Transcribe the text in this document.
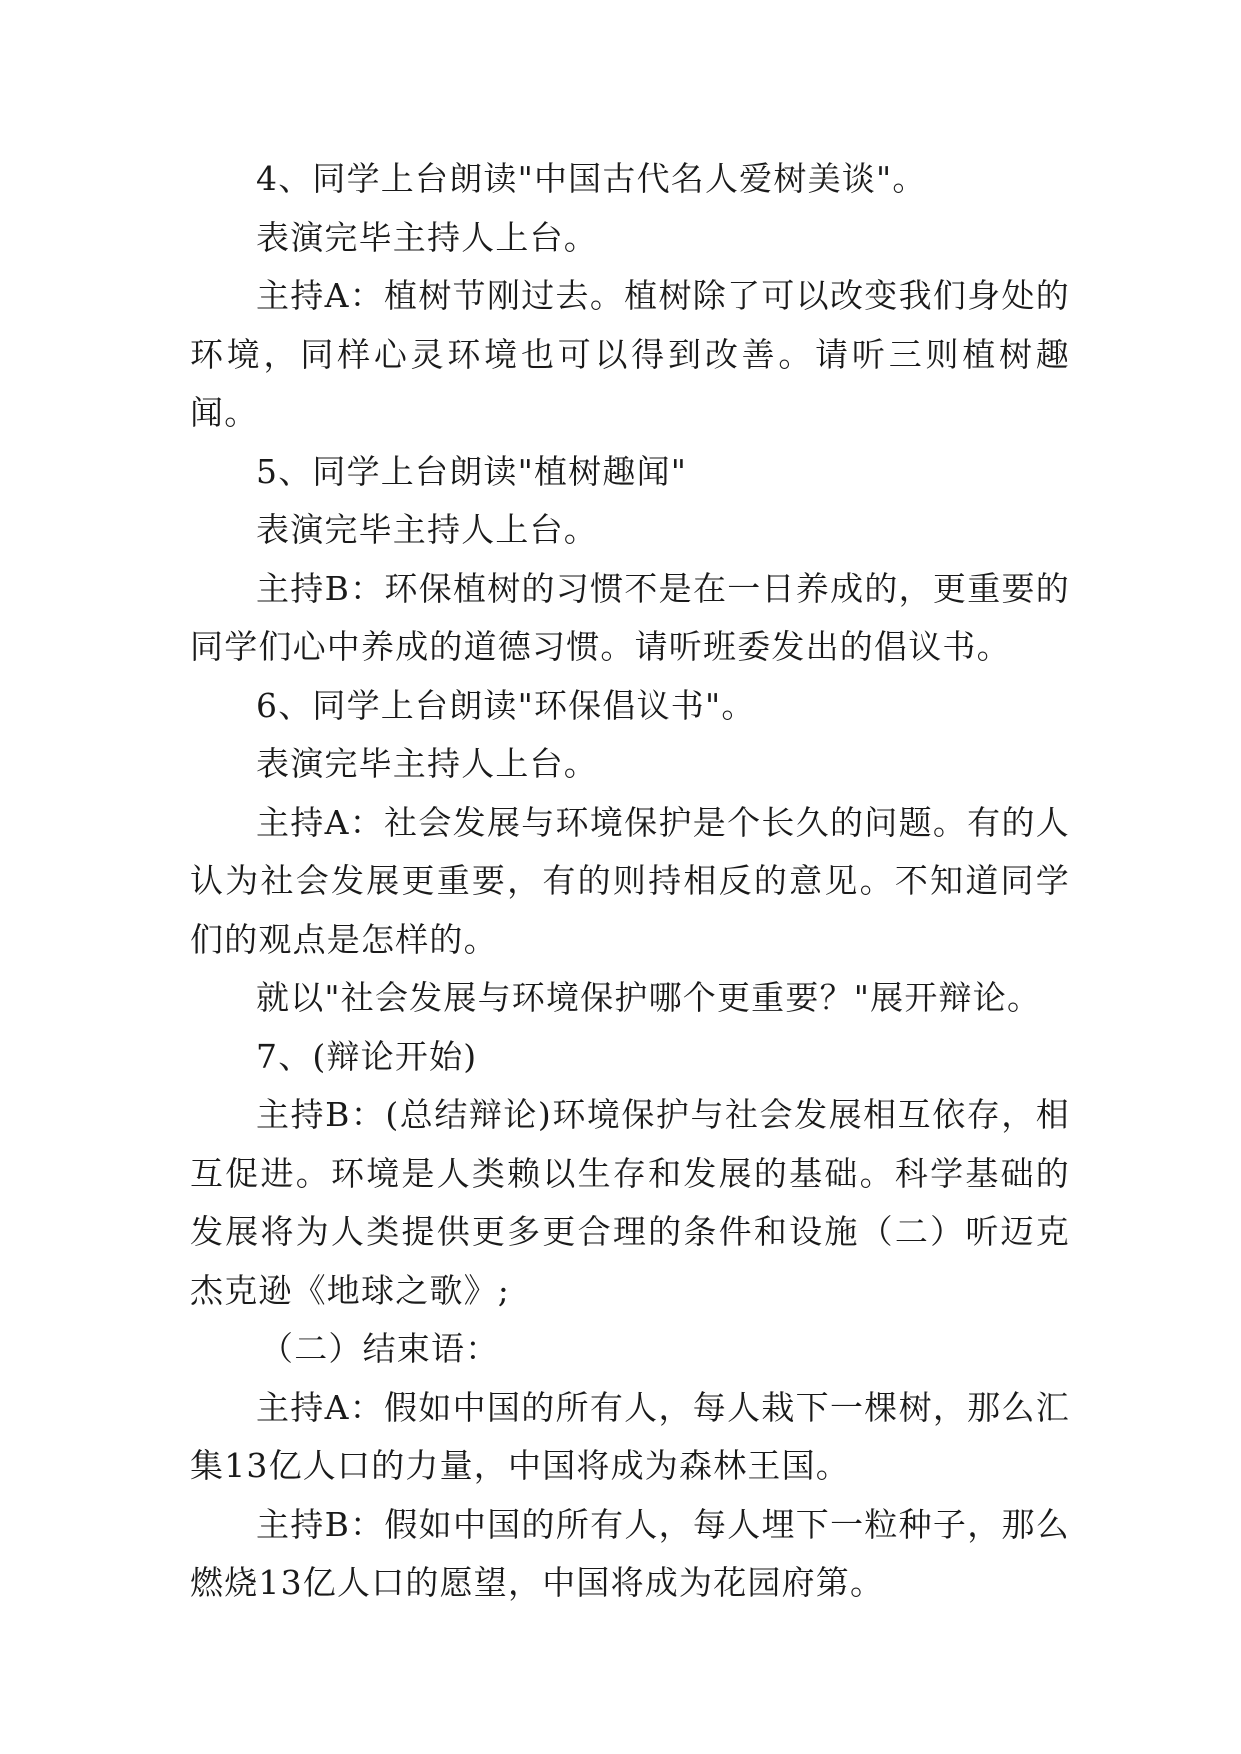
4、同学上台朗读"中国古代名人爱树美谈"。

表演完毕主持人上台。

主持A：植树节刚过去。植树除了可以改变我们身处的环境，同样心灵环境也可以得到改善。请听三则植树趣闻。

5、同学上台朗读"植树趣闻"

表演完毕主持人上台。

主持B：环保植树的习惯不是在一日养成的，更重要的同学们心中养成的道德习惯。请听班委发出的倡议书。

6、同学上台朗读"环保倡议书"。

表演完毕主持人上台。

主持A：社会发展与环境保护是个长久的问题。有的人认为社会发展更重要，有的则持相反的意见。不知道同学们的观点是怎样的。

就以"社会发展与环境保护哪个更重要？"展开辩论。

7、(辩论开始)

主持B：(总结辩论)环境保护与社会发展相互依存，相互促进。环境是人类赖以生存和发展的基础。科学基础的发展将为人类提供更多更合理的条件和设施（二）听迈克杰克逊《地球之歌》;

（二）结束语：

主持A：假如中国的所有人，每人栽下一棵树，那么汇集13亿人口的力量，中国将成为森林王国。

主持B：假如中国的所有人，每人埋下一粒种子，那么燃烧13亿人口的愿望，中国将成为花园府第。
